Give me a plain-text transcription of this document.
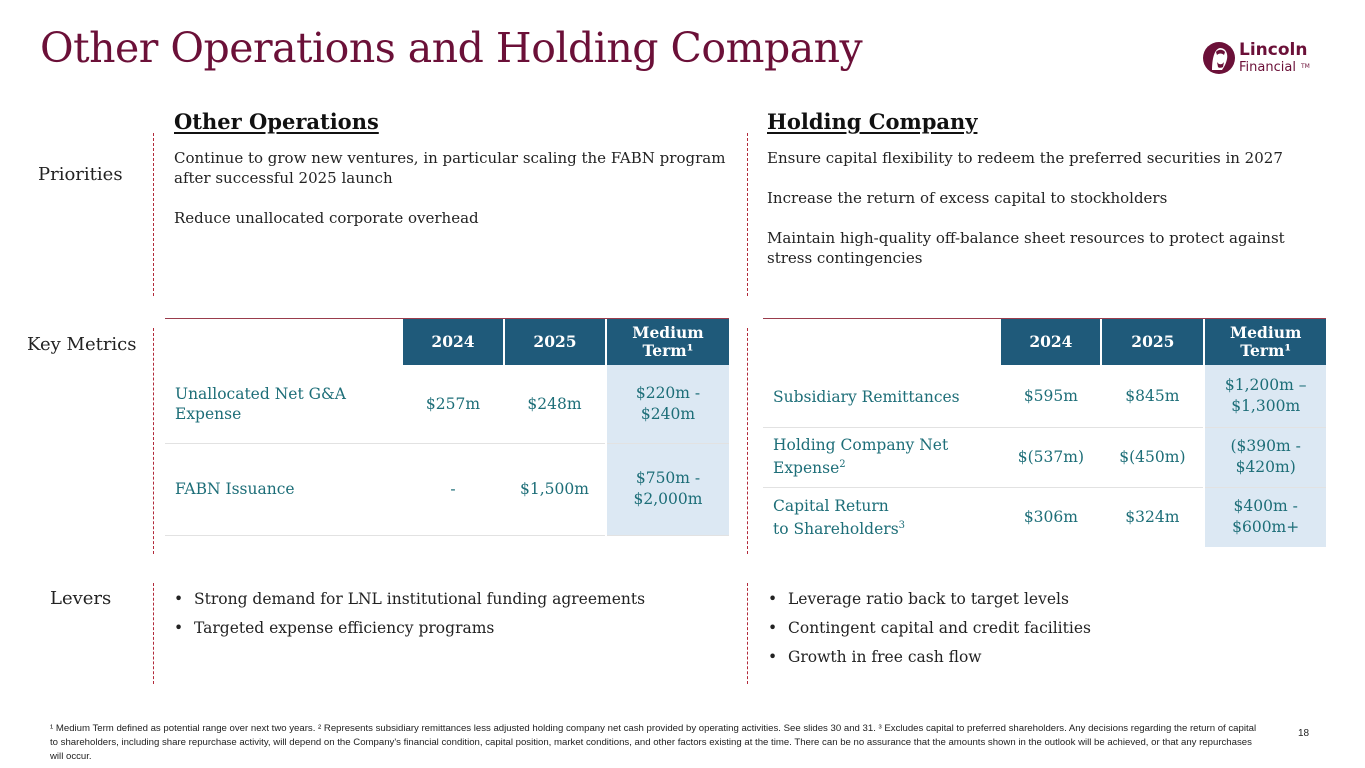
Other Operations and Holding Company	Lincoln
Financial TM
Priorities
Key Metrics
Levers
Other Operations	Holding Company

Continue to grow new ventures, in particular scaling the FABN program after successful 2025 launch

Reduce unallocated corporate overhead

Ensure capital flexibility to redeem the preferred securities in 2027

Increase the return of excess capital to stockholders

Maintain high-quality off-balance sheet resources to protect against stress contingencies

	2024	2025	Medium Term¹
Unallocated Net G&A Expense	$257m	$248m	$220m - $240m
FABN Issuance	-	$1,500m	$750m - $2,000m
	2024	2025	Medium Term¹
Subsidiary Remittances	$595m	$845m	$1,200m – $1,300m
Holding Company Net Expense$^2$	$(537m)	$(450m)	($390m - $420m)
Capital Return to Shareholders$^3$	$306m	$324m	$400m - $600m+
• Strong demand for LNL institutional funding agreements
• Targeted expense efficiency programs
• Leverage ratio back to target levels
• Contingent capital and credit facilities
• Growth in free cash flow
¹ Medium Term defined as potential range over next two years. ² Represents subsidiary remittances less adjusted holding company net cash provided by operating activities. See slides 30 and 31. ³ Excludes capital to preferred shareholders. Any decisions regarding the return of capital to shareholders, including share repurchase activity, will depend on the Company's financial condition, capital position, market conditions, and other factors existing at the time. There can be no assurance that the amounts shown in the outlook will be achieved, or that any repurchases will occur.
18
